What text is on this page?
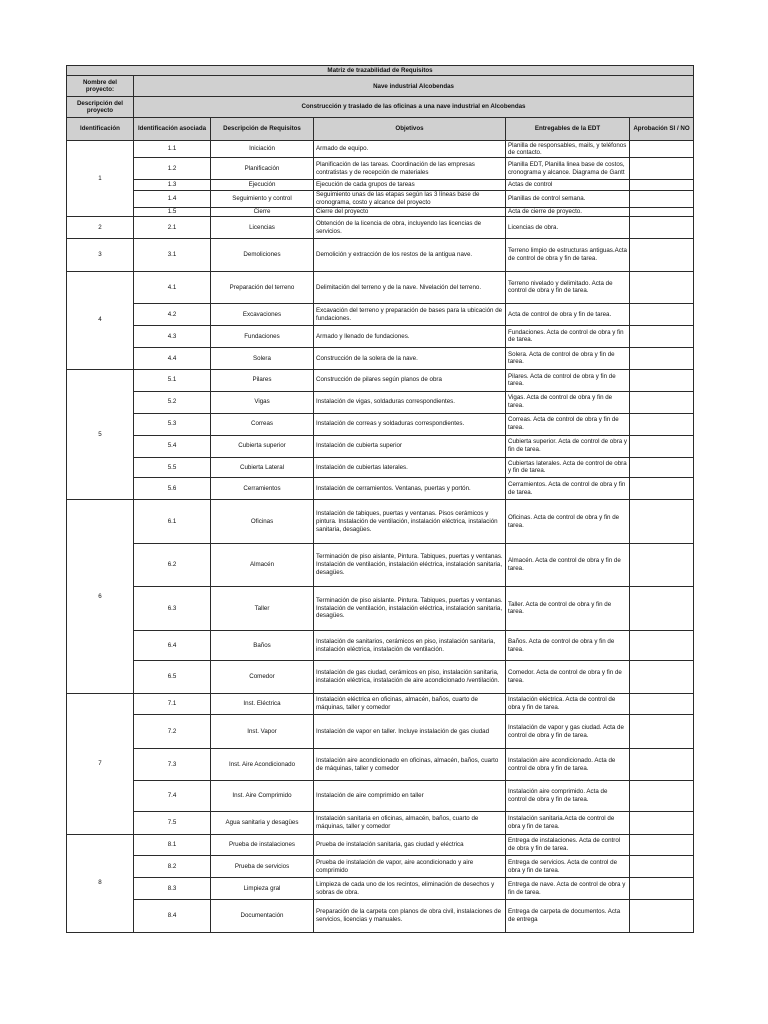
Matriz de trazabilidad de Requisitos					
Nombre del proyecto:	Nave industrial Alcobendas				
Descripción del proyecto	Construcción y traslado de las oficinas a una nave industrial en Alcobendas				
Identificación	Identificación asociada	Descripción de Requisitos	Objetivos	Entregables de la EDT	Aprobación SI / NO
1	1.1	Iniciación	Armado de equipo.	Planilla de responsables, mails, y teléfonos de contacto.	
	1.2	Planificación	Planificación de las tareas. Coordinación de las empresas contratistas y de recepción de materiales	Planilla EDT, Planilla linea base de costos, cronograma y alcance. Diagrama de Gantt	
	1.3	Ejecución	Ejecución de cada grupos de tareas	Actas de control	
	1.4	Seguimiento y control	Seguimiento unas de las etapas según las 3 líneas base de cronograma, costo y alcance del proyecto	Planillas de control semana.	
	1.5	Cierre	Cierre del proyecto	Acta de cierre de proyecto.	
2	2.1	Licencias	Obtención de la licencia de obra, incluyendo las licencias de servicios.	Licencias de obra.	
3	3.1	Demoliciones	Demolición y extracción de los restos de la antigua nave.	Terreno limpio de estructuras antiguas.Acta de control de obra y fin de tarea.	
4	4.1	Preparación del terreno	Delimitación del terreno y de la nave. Nivelación del terreno.	Terreno nivelado y delimitado. Acta de control de obra y fin de tarea.	
	4.2	Excavaciones	Excavación del terreno y preparación de bases para la ubicación de fundaciones.	Acta de control de obra y fin de tarea.	
	4.3	Fundaciones	Armado y llenado de fundaciones.	Fundaciones. Acta de control de obra y fin de tarea.	
	4.4	Solera	Construcción de la solera de la nave.	Solera. Acta de control de obra y fin de tarea.	
5	5.1	Pilares	Construcción de pilares según planos de obra	Pilares. Acta de control de obra y fin de tarea.	
	5.2	Vigas	Instalación de vigas, soldaduras correspondientes.	Vigas. Acta de control de obra y fin de tarea.	
	5.3	Correas	Instalación de correas y soldaduras correspondientes.	Correas. Acta de control de obra y fin de tarea.	
	5.4	Cubierta superior	Instalación de cubierta superior	Cubierta superior. Acta de control de obra y fin de tarea.	
	5.5	Cubierta Lateral	Instalación de cubiertas laterales.	Cubiertas laterales. Acta de control de obra y fin de tarea.	
	5.6	Cerramientos	Instalación de cerramientos. Ventanas, puertas y portón.	Cerramientos. Acta de control de obra y fin de tarea.	
6	6.1	Oficinas	Instalación de tabiques, puertas y ventanas. Pisos cerámicos y pintura. Instalación de ventilación, instalación eléctrica, instalación sanitaria, desagües.	Oficinas. Acta de control de obra y fin de tarea.	
	6.2	Almacén	Terminación de piso aislante, Pintura. Tabiques, puertas y ventanas. Instalación de ventilación, instalación eléctrica, instalación sanitaria, desagües.	Almacén. Acta de control de obra y fin de tarea.	
	6.3	Taller	Terminación de piso aislante. Pintura. Tabiques, puertas y ventanas. Instalación de ventilación, instalación eléctrica, instalación sanitaria, desagües.	Taller. Acta de control de obra y fin de tarea.	
	6.4	Baños	Instalación de sanitarios, cerámicos en piso, instalación sanitaria, instalación eléctrica, instalación de ventilación.	Baños. Acta de control de obra y fin de tarea.	
	6.5	Comedor	Instalación de gas ciudad, cerámicos en piso, instalación sanitaria, instalación eléctrica, instalación de aire acondicionado /ventilación.	Comedor. Acta de control de obra y fin de tarea.	
7	7.1	Inst. Eléctrica	Instalación eléctrica en oficinas, almacén, baños, cuarto de máquinas, taller y comedor	Instalación eléctrica. Acta de control de obra y fin de tarea.	
	7.2	Inst. Vapor	Instalación de vapor en taller. Incluye instalación de gas ciudad	Instalación de vapor y gas ciudad. Acta de control de obra y fin de tarea.	
	7.3	Inst. Aire Acondicionado	Instalación aire acondicionado en oficinas, almacén, baños, cuarto de máquinas, taller y comedor	Instalación aire acondicionado. Acta de control de obra y fin de tarea.	
	7.4	Inst. Aire Comprimido	Instalación de aire comprimido en taller	Instalación aire comprimido. Acta de control de obra y fin de tarea.	
	7.5	Agua sanitaria y desagües	Instalación sanitaria en oficinas, almacén, baños, cuarto de máquinas, taller y comedor	Instalación sanitaria.Acta de control de obra y fin de tarea.	
8	8.1	Prueba de instalaciones	Prueba de instalación sanitaria, gas ciudad y eléctrica	Entrega de instalaciones. Acta de control de obra y fin de tarea.	
	8.2	Prueba de servicios	Prueba de instalación de vapor, aire acondicionado y aire comprimido	Entrega de servicios. Acta de control de obra y fin de tarea.	
	8.3	Limpieza gral	Limpieza de cada uno de los recintos, eliminación de desechos y sobras de obra.	Entrega de nave. Acta de control de obra y fin de tarea.	
	8.4	Documentación	Preparación de la carpeta con planos de obra civil, instalaciones de servicios, licencias y manuales.	Entrega de carpeta de documentos. Acta de entrega	
